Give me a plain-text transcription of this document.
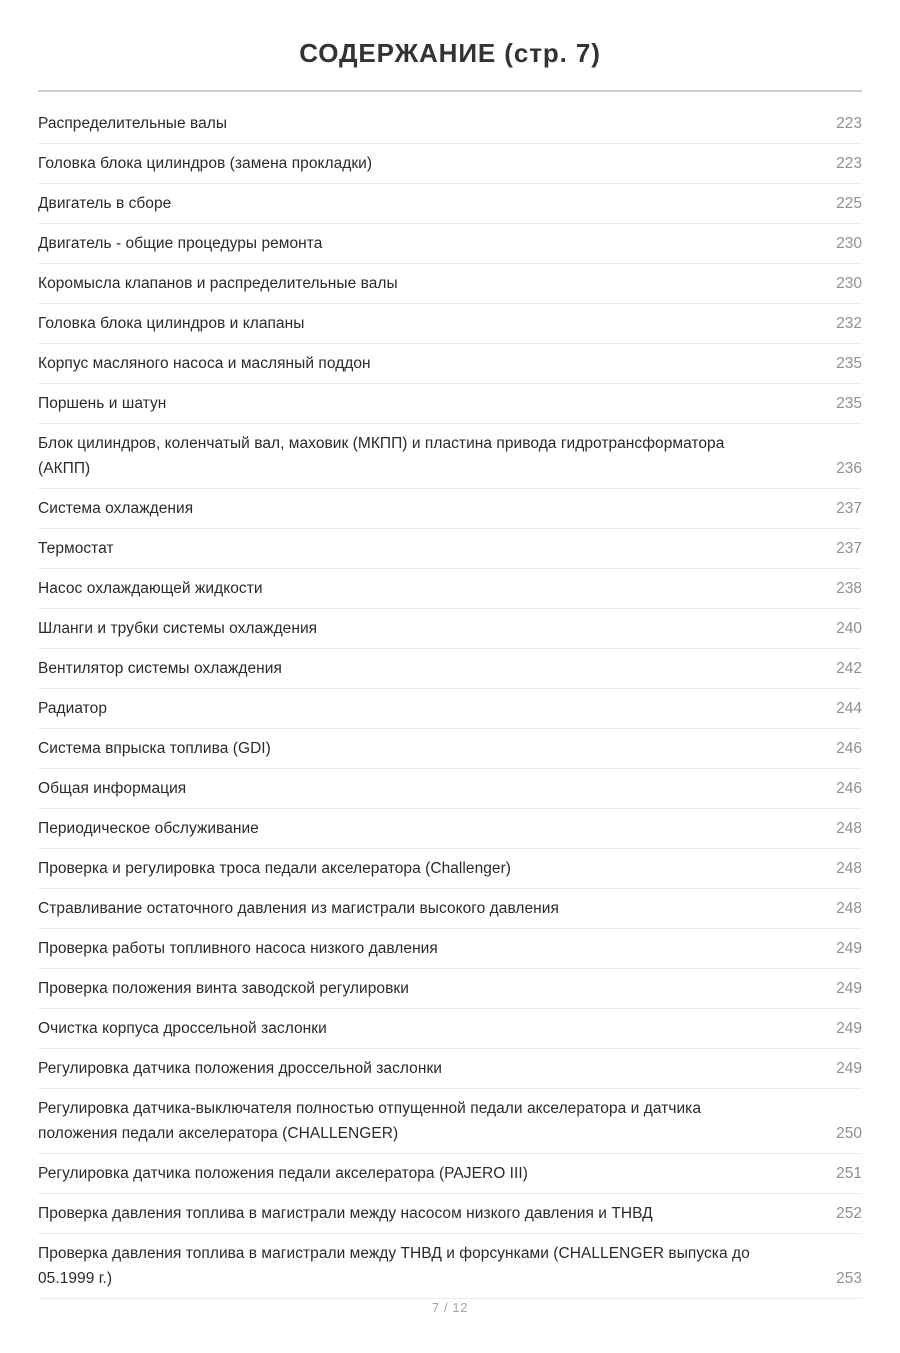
СОДЕРЖАНИЕ (стр. 7)
Распределительные валы	223
Головка блока цилиндров (замена прокладки)	223
Двигатель в сборе	225
Двигатель - общие процедуры ремонта	230
Коромысла клапанов и распределительные валы	230
Головка блока цилиндров и клапаны	232
Корпус масляного насоса и масляный поддон	235
Поршень и шатун	235
Блок цилиндров, коленчатый вал, маховик (МКПП) и пластина привода гидротрансформатора (АКПП)	236
Система охлаждения	237
Термостат	237
Насос охлаждающей жидкости	238
Шланги и трубки системы охлаждения	240
Вентилятор системы охлаждения	242
Радиатор	244
Система впрыска топлива (GDI)	246
Общая информация	246
Периодическое обслуживание	248
Проверка и регулировка троса педали акселератора (Challenger)	248
Стравливание остаточного давления из магистрали высокого давления	248
Проверка работы топливного насоса низкого давления	249
Проверка положения винта заводской регулировки	249
Очистка корпуса дроссельной заслонки	249
Регулировка датчика положения дроссельной заслонки	249
Регулировка датчика-выключателя полностью отпущенной педали акселератора и датчика положения педали акселератора (CHALLENGER)	250
Регулировка датчика положения педали акселератора (PAJERO III)	251
Проверка давления топлива в магистрали между насосом низкого давления и ТНВД	252
Проверка давления топлива в магистрали между ТНВД и форсунками (CHALLENGER выпуска до 05.1999 г.)	253
7 / 12
